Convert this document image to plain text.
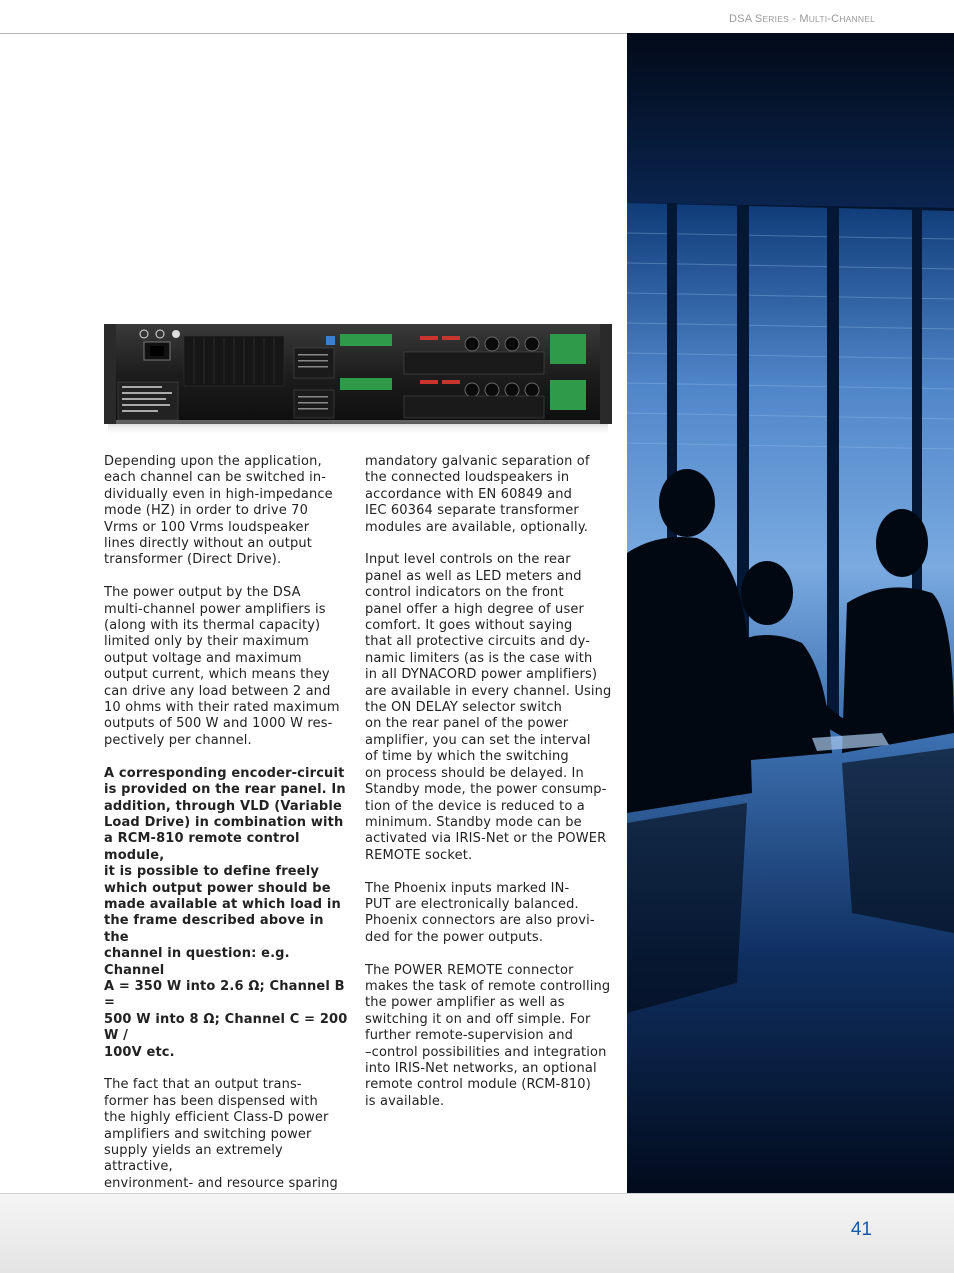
DSA SERIES - MULTI-CHANNEL

Depending upon the application,
each channel can be switched in-
dividually even in high-impedance
mode (HZ) in order to drive 70
Vrms or 100 Vrms loudspeaker
lines directly without an output
transformer (Direct Drive).

The power output by the DSA
multi-channel power amplifiers is
(along with its thermal capacity)
limited only by their maximum
output voltage and maximum
output current, which means they
can drive any load between 2 and
10 ohms with their rated maximum
outputs of 500 W and 1000 W res-
pectively per channel.

A corresponding encoder-circuit
is provided on the rear panel. In
addition, through VLD (Variable
Load Drive) in combination with
a RCM-810 remote control module,
it is possible to define freely
which output power should be
made available at which load in
the frame described above in the
channel in question: e.g. Channel
A = 350 W into 2.6 Ω; Channel B =
500 W into 8 Ω; Channel C = 200 W /
100V etc.

The fact that an output trans-
former has been dispensed with
the highly efficient Class-D power
amplifiers and switching power
supply yields an extremely attractive,
environment- and resource sparing

mandatory galvanic separation of
the connected loudspeakers in
accordance with EN 60849 and
IEC 60364 separate transformer
modules are available, optionally.

Input level controls on the rear
panel as well as LED meters and
control indicators on the front
panel offer a high degree of user
comfort. It goes without saying
that all protective circuits and dy-
namic limiters (as is the case with
in all DYNACORD power amplifiers)
are available in every channel. Using
the ON DELAY selector switch
on the rear panel of the power
amplifier, you can set the interval
of time by which the switching
on process should be delayed. In
Standby mode, the power consump-
tion of the device is reduced to a
minimum. Standby mode can be
activated via IRIS-Net or the POWER
REMOTE socket.

The Phoenix inputs marked IN-
PUT are electronically balanced.
Phoenix connectors are also provi-
ded for the power outputs.

The POWER REMOTE connector
makes the task of remote controlling
the power amplifier as well as
switching it on and off simple. For
further remote-supervision and
–control possibilities and integration
into IRIS-Net networks, an optional
remote control module (RCM-810)
is available.

41
